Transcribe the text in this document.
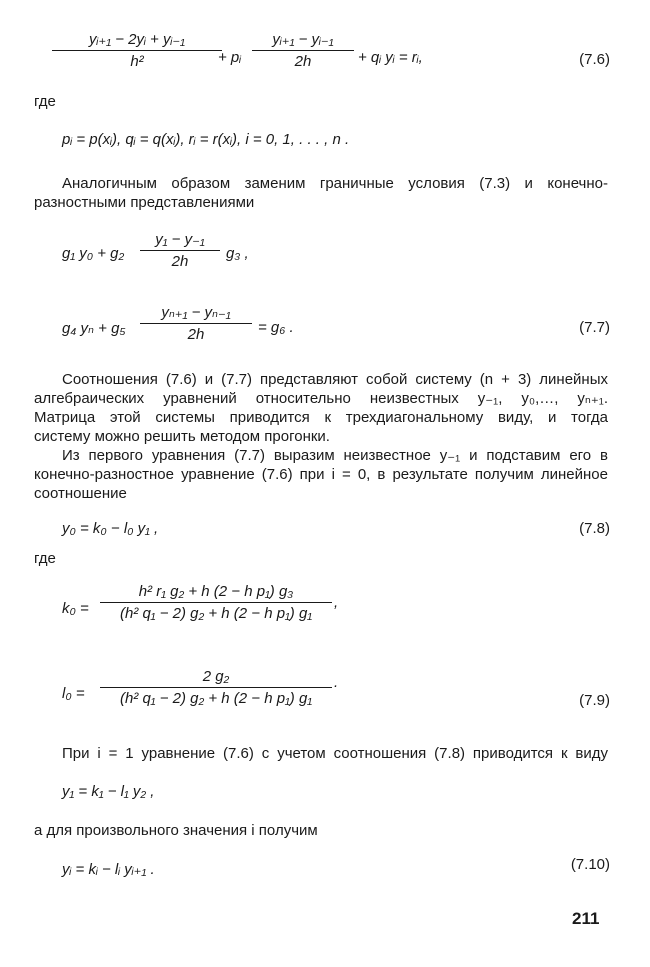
$\frac{\text{yᵢ₊₁ − 2yᵢ + yᵢ₋₁}}{\text{h²}}$
+ pᵢ $\frac{\text{yᵢ₊₁ − yᵢ₋₁}}{2h}$ + qᵢ yᵢ = rᵢ,	(7.6)
где
pᵢ = p(xᵢ), qᵢ = q(xᵢ), rᵢ = r(xᵢ), i = 0, 1, . . . , n .
Аналогичным образом заменим граничные условия (7.3) и конечно-
разностными представлениями
g₁ $y_0 + g_2 \frac{\text{y₁ − y₋₁}}{2h} g_3$ ,
g₄ $y_n + g_5 \frac{\text{yₙ₊₁ − yₙ₋₁}}{2h} = g_6$ .	(7.7)
Соотношения (7.6) и (7.7) представляют собой систему (n + 3) линейных
алгебраических уравнений относительно неизвестных y₋₁, y₀,…, yₙ₊₁.
Матрица этой системы приводится к трехдиагональному виду, и тогда
систему можно решить методом прогонки.
Из первого уравнения (7.7) выразим неизвестное y₋₁ и подставим его в
конечно-разностное уравнение (7.6) при i = 0, в результате получим линейное
соотношение
y₀ = k₀ − l₀ y₁ ,	(7.8)
где
$k_0 = \frac{\text{h² r₁ g₂ + h (2 − h p₁) g₃}}{\text{(h² q₁ − 2) g₂ + h (2 − h p₁) g₁}}$ ,
$l_0 = \frac{\text{2 g₂}}{\text{(h² q₁ − 2) g₂ + h (2 − h p₁) g₁}}$ .
(7.9)
При i = 1 уравнение (7.6) с учетом соотношения (7.8) приводится к виду
y₁ = k₁ − l₁ y₂ ,
а для произвольного значения i получим
yᵢ = kᵢ − lᵢ yᵢ₊₁ .	(7.10)
211
